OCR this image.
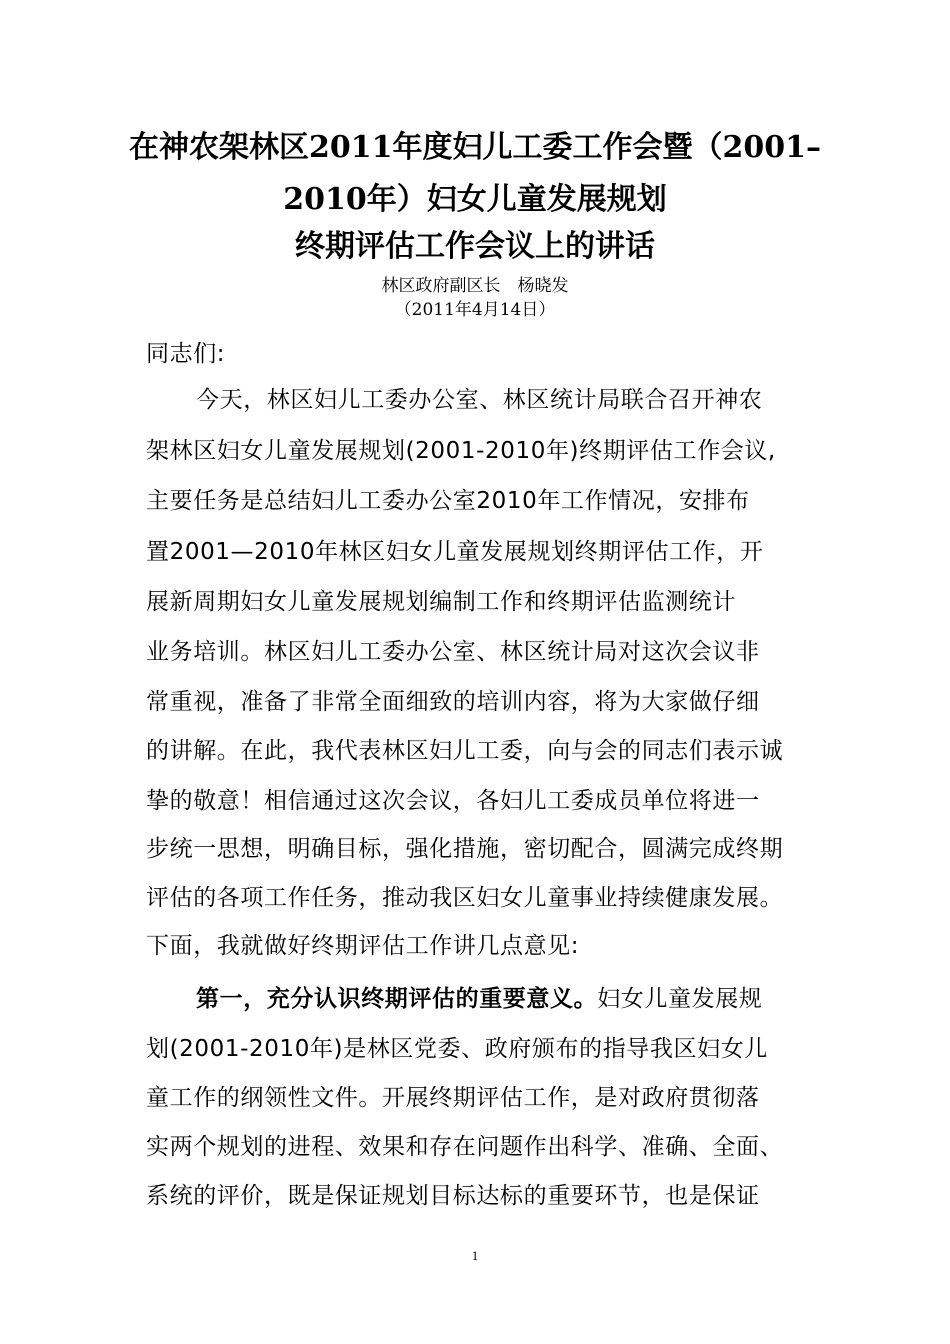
在神农架林区2011年度妇儿工委工作会暨（2001–
2010年）妇女儿童发展规划
终期评估工作会议上的讲话
林区政府副区长　杨晓发
（2011年4月14日）
同志们:
今天，林区妇儿工委办公室、林区统计局联合召开神农
架林区妇女儿童发展规划(2001-2010年)终期评估工作会议,
主要任务是总结妇儿工委办公室2010年工作情况，安排布
置2001—2010年林区妇女儿童发展规划终期评估工作，开
展新周期妇女儿童发展规划编制工作和终期评估监测统计
业务培训。林区妇儿工委办公室、林区统计局对这次会议非
常重视，准备了非常全面细致的培训内容，将为大家做仔细
的讲解。在此，我代表林区妇儿工委，向与会的同志们表示诚
挚的敬意！相信通过这次会议，各妇儿工委成员单位将进一
步统一思想，明确目标，强化措施，密切配合，圆满完成终期
评估的各项工作任务，推动我区妇女儿童事业持续健康发展。
下面，我就做好终期评估工作讲几点意见:
第一，充分认识终期评估的重要意义。妇女儿童发展规
划(2001-2010年)是林区党委、政府颁布的指导我区妇女儿
童工作的纲领性文件。开展终期评估工作，是对政府贯彻落
实两个规划的进程、效果和存在问题作出科学、准确、全面、
系统的评价，既是保证规划目标达标的重要环节，也是保证
1
